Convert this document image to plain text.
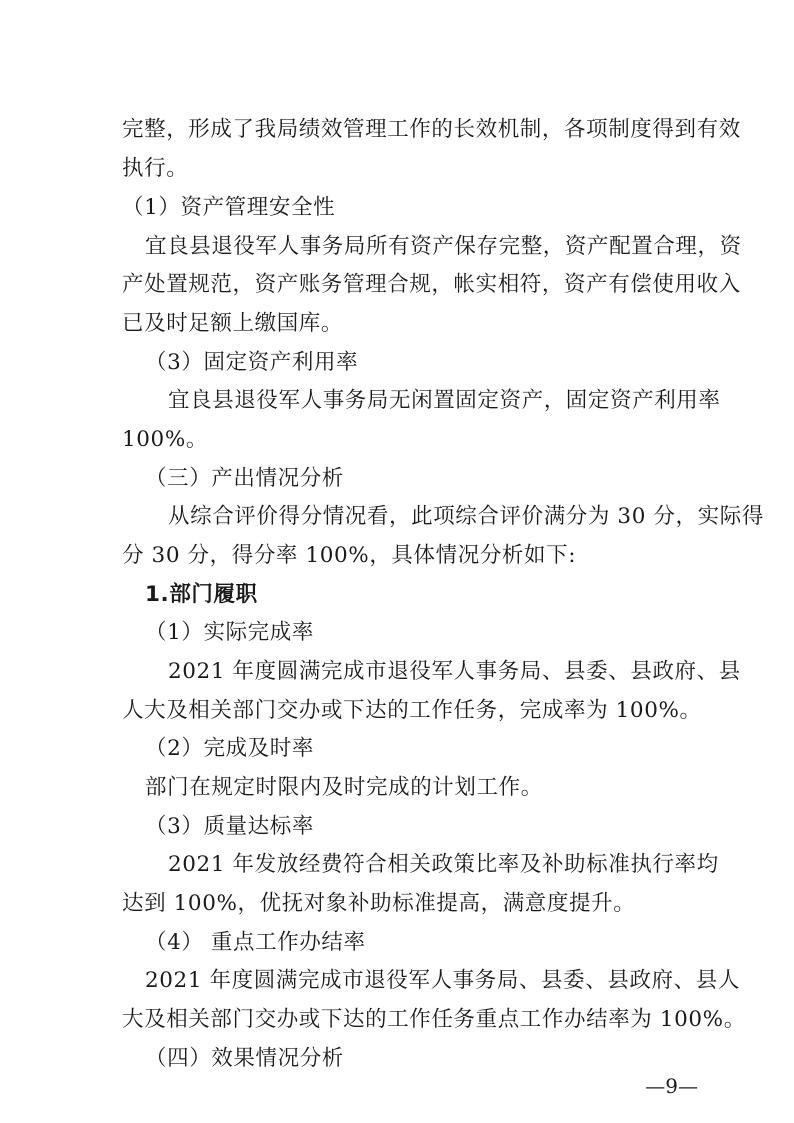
完整，形成了我局绩效管理工作的长效机制，各项制度得到有效
执行。
（1）资产管理安全性
宜良县退役军人事务局所有资产保存完整，资产配置合理，资
产处置规范，资产账务管理合规，帐实相符，资产有偿使用收入
已及时足额上缴国库。
（3）固定资产利用率
宜良县退役军人事务局无闲置固定资产，固定资产利用率
100%。
（三）产出情况分析
从综合评价得分情况看，此项综合评价满分为 30 分，实际得
分 30 分，得分率 100%，具体情况分析如下:
1.部门履职
（1）实际完成率
2021 年度圆满完成市退役军人事务局、县委、县政府、县
人大及相关部门交办或下达的工作任务，完成率为 100%。
（2）完成及时率
部门在规定时限内及时完成的计划工作。
（3）质量达标率
2021 年发放经费符合相关政策比率及补助标准执行率均
达到 100%，优抚对象补助标准提高，满意度提升。
（4） 重点工作办结率
2021 年度圆满完成市退役军人事务局、县委、县政府、县人
大及相关部门交办或下达的工作任务重点工作办结率为 100%。
（四）效果情况分析
—9—
